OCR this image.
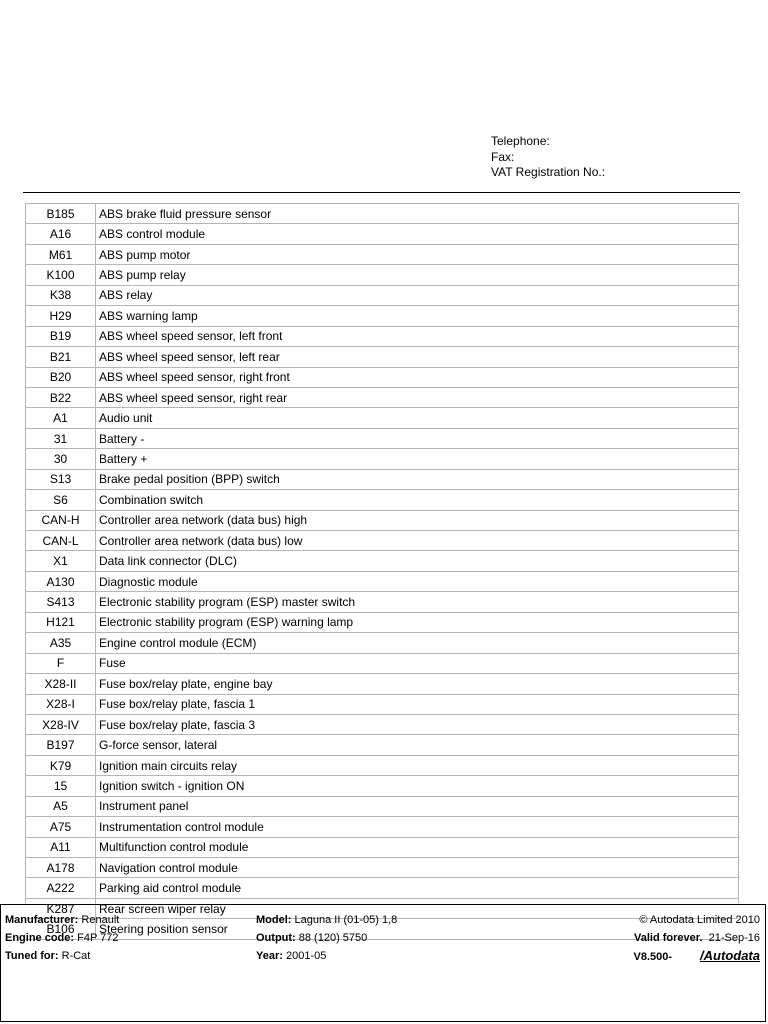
Telephone:
Fax:
VAT Registration No.:
B185	ABS brake fluid pressure sensor
A16	ABS control module
M61	ABS pump motor
K100	ABS pump relay
K38	ABS relay
H29	ABS warning lamp
B19	ABS wheel speed sensor, left front
B21	ABS wheel speed sensor, left rear
B20	ABS wheel speed sensor, right front
B22	ABS wheel speed sensor, right rear
A1	Audio unit
31	Battery -
30	Battery +
S13	Brake pedal position (BPP) switch
S6	Combination switch
CAN-H	Controller area network (data bus) high
CAN-L	Controller area network (data bus) low
X1	Data link connector (DLC)
A130	Diagnostic module
S413	Electronic stability program (ESP) master switch
H121	Electronic stability program (ESP) warning lamp
A35	Engine control module (ECM)
F	Fuse
X28-II	Fuse box/relay plate, engine bay
X28-I	Fuse box/relay plate, fascia 1
X28-IV	Fuse box/relay plate, fascia 3
B197	G-force sensor, lateral
K79	Ignition main circuits relay
15	Ignition switch - ignition ON
A5	Instrument panel
A75	Instrumentation control module
A11	Multifunction control module
A178	Navigation control module
A222	Parking aid control module
K287	Rear screen wiper relay
B106	Steering position sensor
Manufacturer: Renault
Engine code: F4P 772
Tuned for: R-Cat
Model: Laguna II (01-05) 1,8
Output: 88 (120) 5750
Year: 2001-05
© Autodata Limited 2010
Valid forever. 21-Sep-16
V8.500- /Autodata
